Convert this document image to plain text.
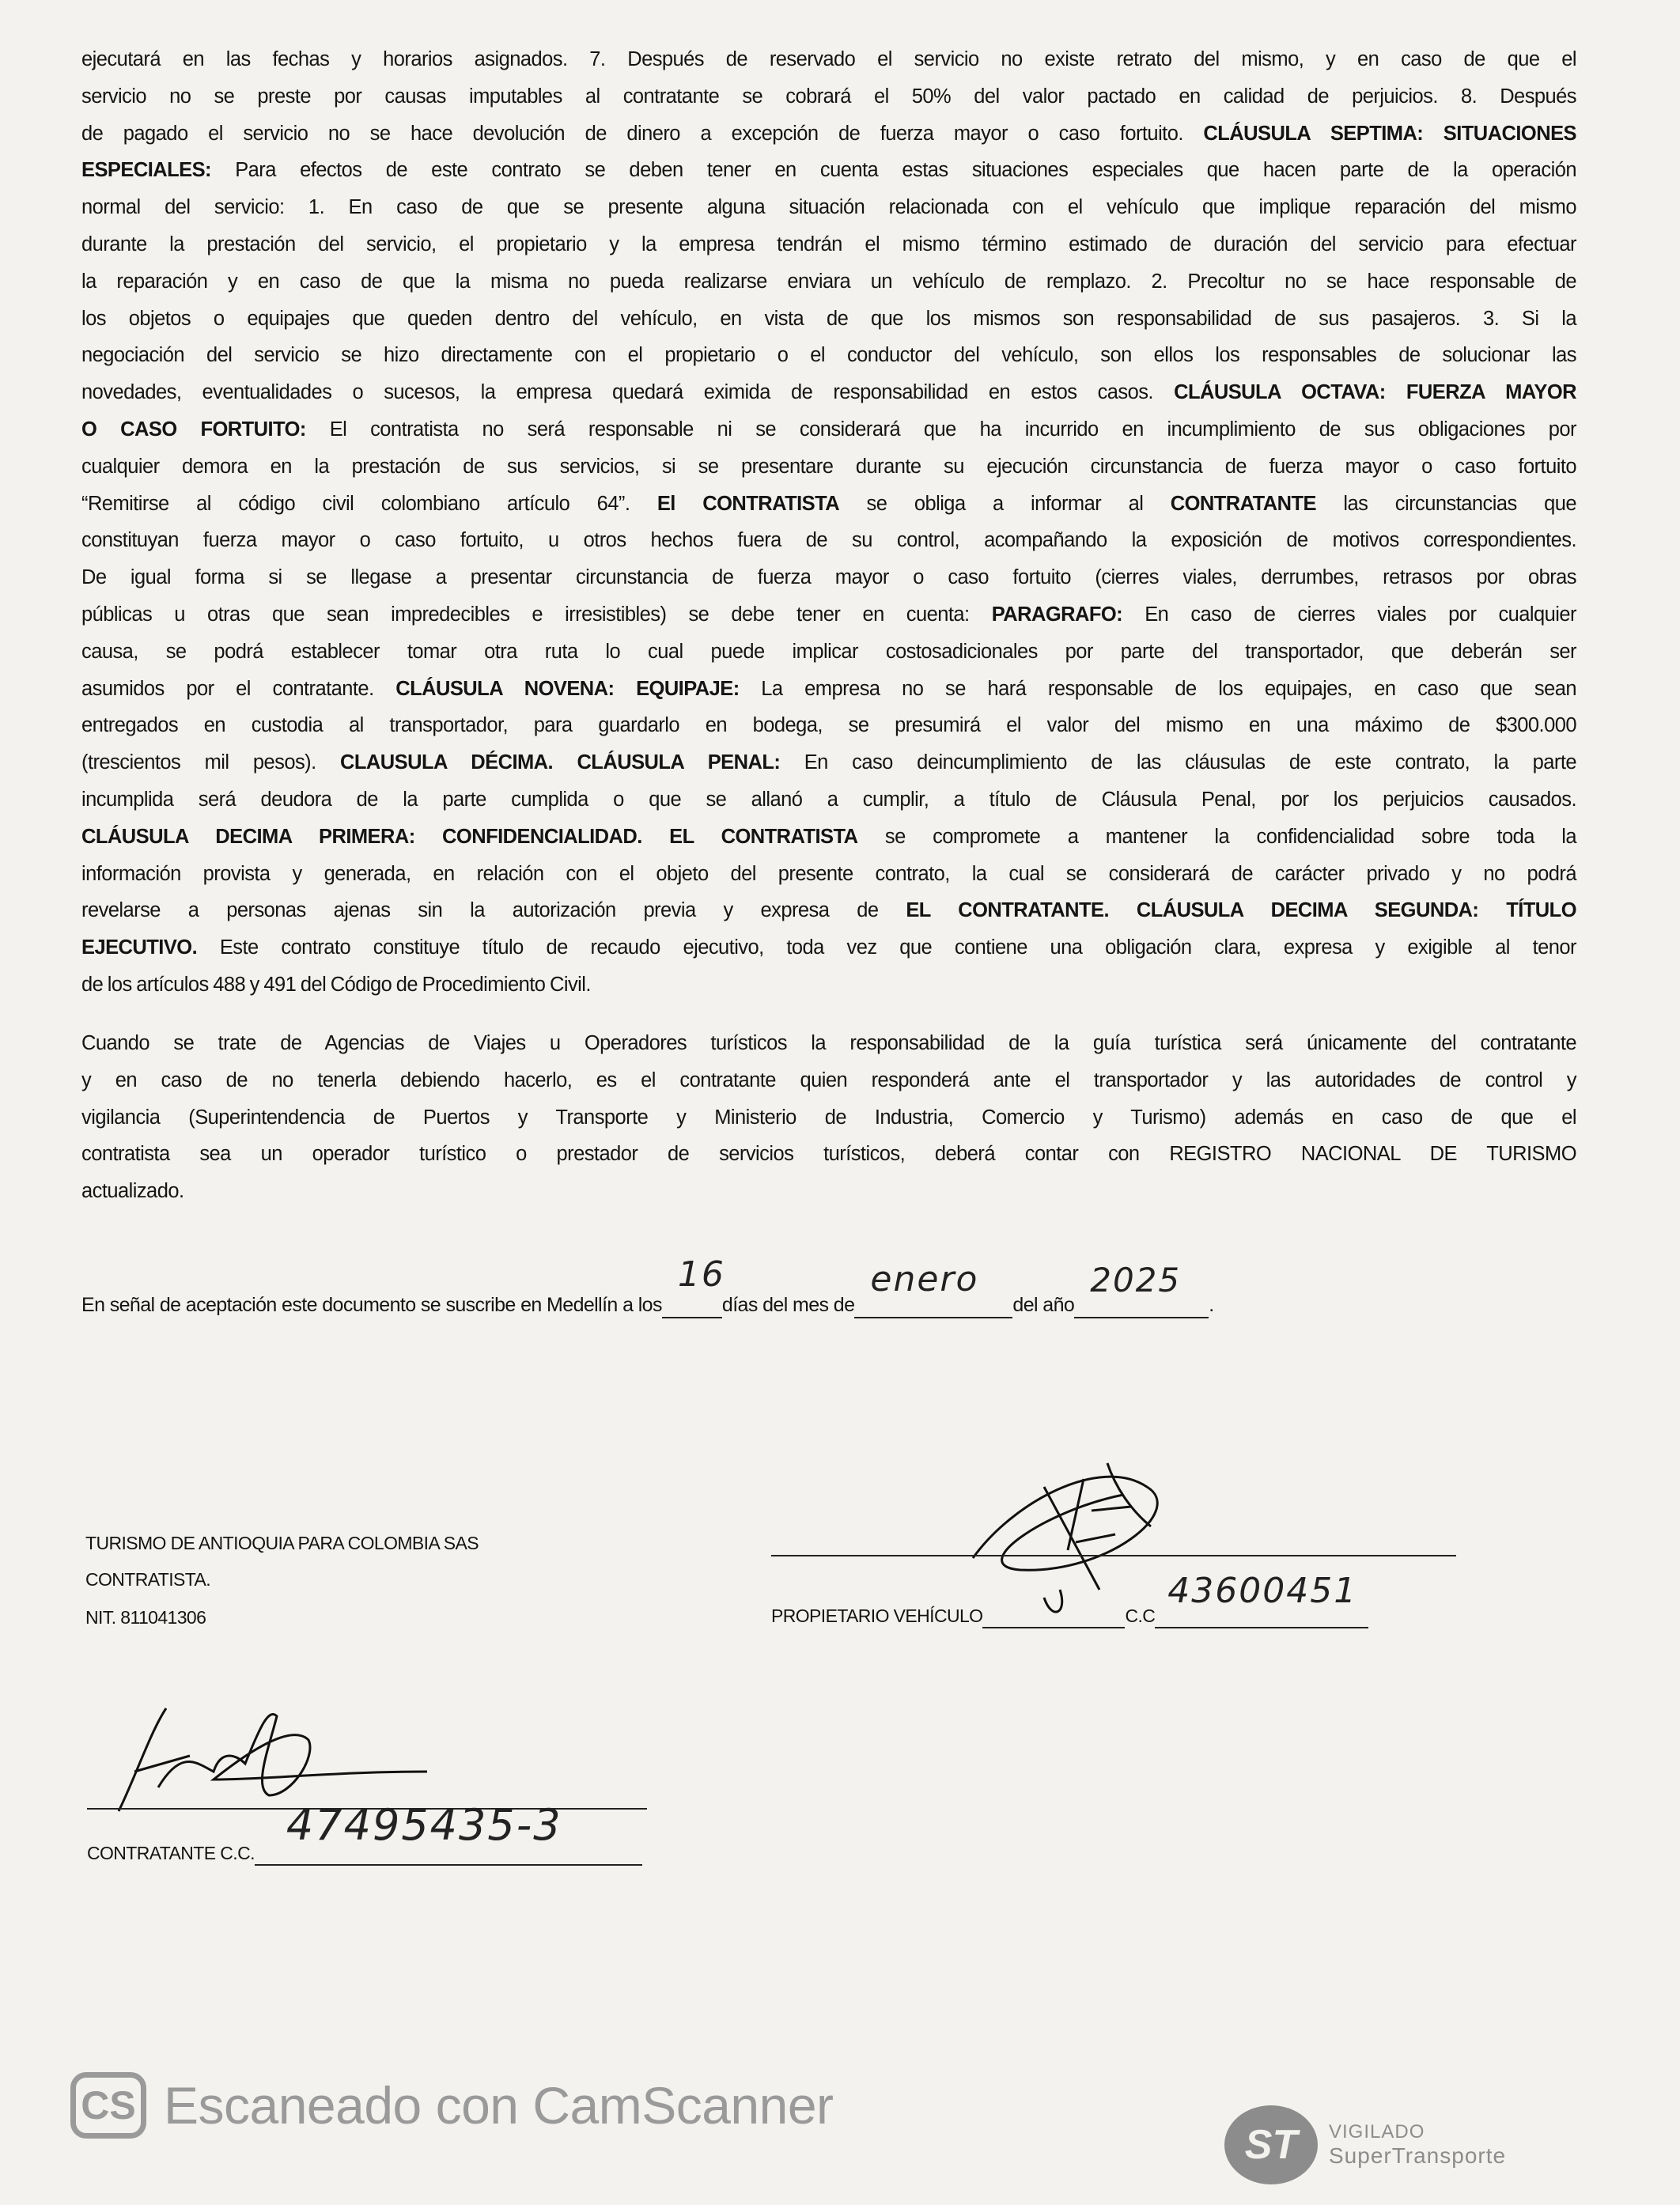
ejecutará en las fechas y horarios asignados. 7. Después de reservado el servicio no existe retrato del mismo, y en caso de que el
servicio no se preste por causas imputables al contratante se cobrará el 50% del valor pactado en calidad de perjuicios. 8. Después
de pagado el servicio no se hace devolución de dinero a excepción de fuerza mayor o caso fortuito. CLÁUSULA SEPTIMA: SITUACIONES
ESPECIALES: Para efectos de este contrato se deben tener en cuenta estas situaciones especiales que hacen parte de la operación
normal del servicio: 1. En caso de que se presente alguna situación relacionada con el vehículo que implique reparación del mismo
durante la prestación del servicio, el propietario y la empresa tendrán el mismo término estimado de duración del servicio para efectuar
la reparación y en caso de que la misma no pueda realizarse enviara un vehículo de remplazo. 2. Precoltur no se hace responsable de
los objetos o equipajes que queden dentro del vehículo, en vista de que los mismos son responsabilidad de sus pasajeros. 3. Si la
negociación del servicio se hizo directamente con el propietario o el conductor del vehículo, son ellos los responsables de solucionar las
novedades, eventualidades o sucesos, la empresa quedará eximida de responsabilidad en estos casos. CLÁUSULA OCTAVA: FUERZA MAYOR
O CASO FORTUITO: El contratista no será responsable ni se considerará que ha incurrido en incumplimiento de sus obligaciones por
cualquier demora en la prestación de sus servicios, si se presentare durante su ejecución circunstancia de fuerza mayor o caso fortuito
“Remitirse al código civil colombiano artículo 64”. El CONTRATISTA se obliga a informar al CONTRATANTE las circunstancias que
constituyan fuerza mayor o caso fortuito, u otros hechos fuera de su control, acompañando la exposición de motivos correspondientes.
De igual forma si se llegase a presentar circunstancia de fuerza mayor o caso fortuito (cierres viales, derrumbes, retrasos por obras
públicas u otras que sean impredecibles e irresistibles) se debe tener en cuenta: PARAGRAFO: En caso de cierres viales por cualquier
causa, se podrá establecer tomar otra ruta lo cual puede implicar costosadicionales por parte del transportador, que deberán ser
asumidos por el contratante. CLÁUSULA NOVENA: EQUIPAJE: La empresa no se hará responsable de los equipajes, en caso que sean
entregados en custodia al transportador, para guardarlo en bodega, se presumirá el valor del mismo en una máximo de $300.000
(trescientos mil pesos). CLAUSULA DÉCIMA. CLÁUSULA PENAL: En caso deincumplimiento de las cláusulas de este contrato, la parte
incumplida será deudora de la parte cumplida o que se allanó a cumplir, a título de Cláusula Penal, por los perjuicios causados.
CLÁUSULA DECIMA PRIMERA: CONFIDENCIALIDAD. EL CONTRATISTA se compromete a mantener la confidencialidad sobre toda la
información provista y generada, en relación con el objeto del presente contrato, la cual se considerará de carácter privado y no podrá
revelarse a personas ajenas sin la autorización previa y expresa de EL CONTRATANTE. CLÁUSULA DECIMA SEGUNDA: TÍTULO
EJECUTIVO. Este contrato constituye título de recaudo ejecutivo, toda vez que contiene una obligación clara, expresa y exigible al tenor
de los artículos 488 y 491 del Código de Procedimiento Civil.
Cuando se trate de Agencias de Viajes u Operadores turísticos la responsabilidad de la guía turística será únicamente del contratante
y en caso de no tenerla debiendo hacerlo, es el contratante quien responderá ante el transportador y las autoridades de control y
vigilancia (Superintendencia de Puertos y Transporte y Ministerio de Industria, Comercio y Turismo) además en caso de que el
contratista sea un operador turístico o prestador de servicios turísticos, deberá contar con REGISTRO NACIONAL DE TURISMO
actualizado.
En señal de aceptación este documento se suscribe en Medellín a los
16
días del mes de
enero
del año
2025
.
TURISMO DE ANTIOQUIA PARA COLOMBIA SAS
CONTRATISTA.
NIT. 811041306	PROPIETARIO VEHÍCULO	C.C
43600451

CONTRATANTE C.C.
47495435-3

CS Escaneado con CamScanner
ST	VIGILADO
SuperTransporte
